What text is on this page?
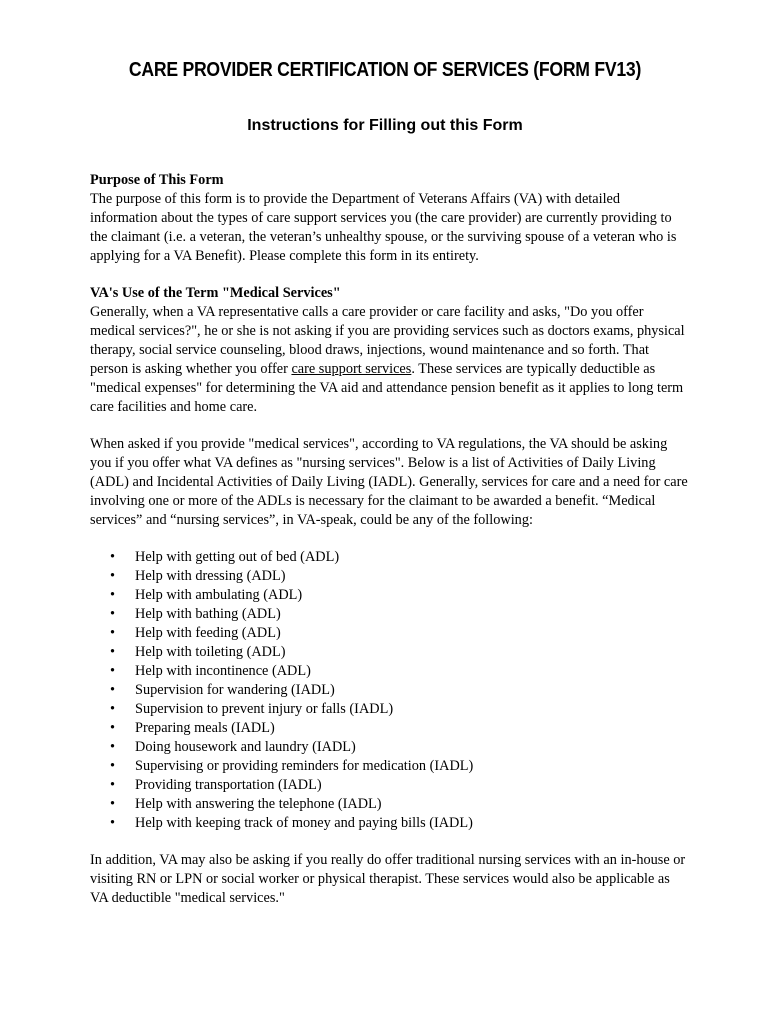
CARE PROVIDER CERTIFICATION OF SERVICES (FORM FV13)
Instructions for Filling out this Form

Purpose of This Form

The purpose of this form is to provide the Department of Veterans Affairs (VA) with detailed information about the types of care support services you (the care provider) are currently providing to the claimant (i.e. a veteran, the veteran’s unhealthy spouse, or the surviving spouse of a veteran who is applying for a VA Benefit). Please complete this form in its entirety.

VA's Use of the Term "Medical Services"

Generally, when a VA representative calls a care provider or care facility and asks, "Do you offer medical services?", he or she is not asking if you are providing services such as doctors exams, physical therapy, social service counseling, blood draws, injections, wound maintenance and so forth. That person is asking whether you offer care support services. These services are typically deductible as "medical expenses" for determining the VA aid and attendance pension benefit as it applies to long term care facilities and home care.

When asked if you provide "medical services", according to VA regulations, the VA should be asking you if you offer what VA defines as "nursing services". Below is a list of Activities of Daily Living (ADL) and Incidental Activities of Daily Living (IADL). Generally, services for care and a need for care involving one or more of the ADLs is necessary for the claimant to be awarded a benefit. “Medical services” and “nursing services”, in VA-speak, could be any of the following:

• Help with getting out of bed (ADL)
• Help with dressing (ADL)
• Help with ambulating (ADL)
• Help with bathing (ADL)
• Help with feeding (ADL)
• Help with toileting (ADL)
• Help with incontinence (ADL)
• Supervision for wandering (IADL)
• Supervision to prevent injury or falls (IADL)
• Preparing meals (IADL)
• Doing housework and laundry (IADL)
• Supervising or providing reminders for medication (IADL)
• Providing transportation (IADL)
• Help with answering the telephone (IADL)
• Help with keeping track of money and paying bills (IADL)

In addition, VA may also be asking if you really do offer traditional nursing services with an in-house or visiting RN or LPN or social worker or physical therapist. These services would also be applicable as VA deductible "medical services."
